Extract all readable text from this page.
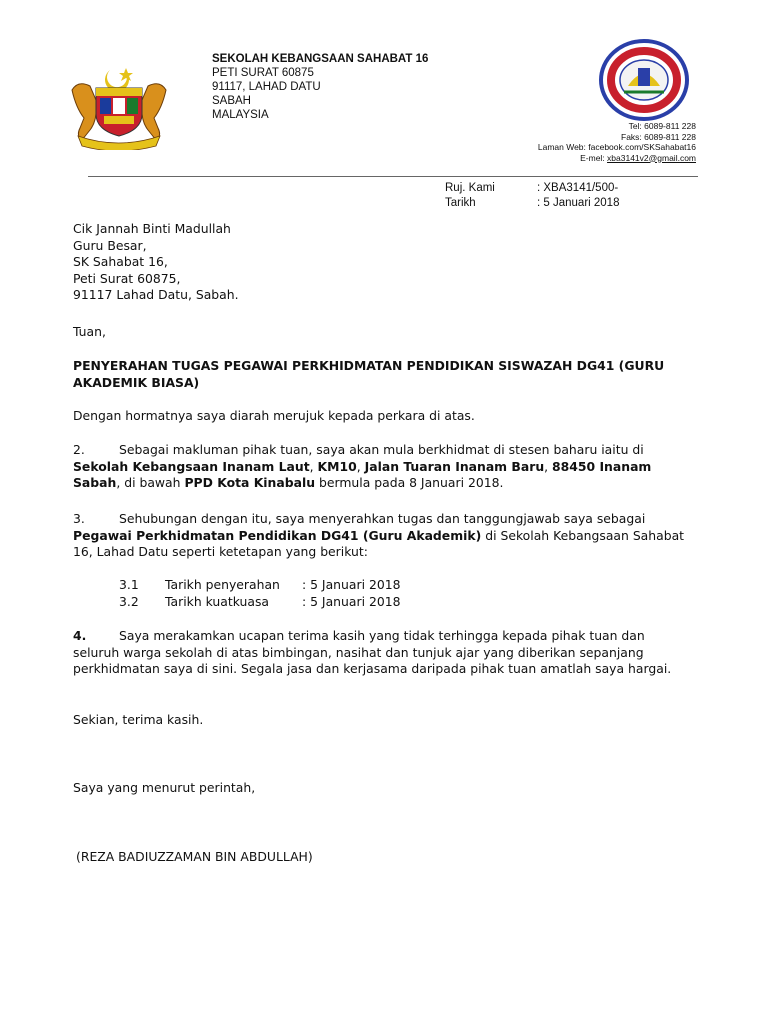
SEKOLAH KEBANGSAAN SAHABAT 16
PETI SURAT 60875
91117, LAHAD DATU
SABAH
MALAYSIA
Tel: 6089-811 228
Faks: 6089-811 228
Laman Web: facebook.com/SKSahabat16
E-mel: xba3141v2@gmail.com
Ruj. Kami	: XBA3141/500-
Tarikh	: 5 Januari 2018
Cik Jannah Binti Madullah
Guru Besar,
SK Sahabat 16,
Peti Surat 60875,
91117 Lahad Datu, Sabah.
Tuan,
PENYERAHAN TUGAS PEGAWAI PERKHIDMATAN PENDIDIKAN SISWAZAH DG41 (GURU AKADEMIK BIASA)
Dengan hormatnya saya diarah merujuk kepada perkara di atas.
2.	Sebagai makluman pihak tuan, saya akan mula berkhidmat di stesen baharu iaitu di Sekolah Kebangsaan Inanam Laut, KM10, Jalan Tuaran Inanam Baru, 88450 Inanam Sabah, di bawah PPD Kota Kinabalu bermula pada 8 Januari 2018.
3.	Sehubungan dengan itu, saya menyerahkan tugas dan tanggungjawab saya sebagai Pegawai Perkhidmatan Pendidikan DG41 (Guru Akademik) di Sekolah Kebangsaan Sahabat 16, Lahad Datu seperti ketetapan yang berikut:
3.1 Tarikh penyerahan : 5 Januari 2018
3.2 Tarikh kuatkuasa	: 5 Januari 2018
4.	Saya merakamkan ucapan terima kasih yang tidak terhingga kepada pihak tuan dan seluruh warga sekolah di atas bimbingan, nasihat dan tunjuk ajar yang diberikan sepanjang perkhidmatan saya di sini. Segala jasa dan kerjasama daripada pihak tuan amatlah saya hargai.
Sekian, terima kasih.
Saya yang menurut perintah,
(REZA BADIUZZAMAN BIN ABDULLAH)
